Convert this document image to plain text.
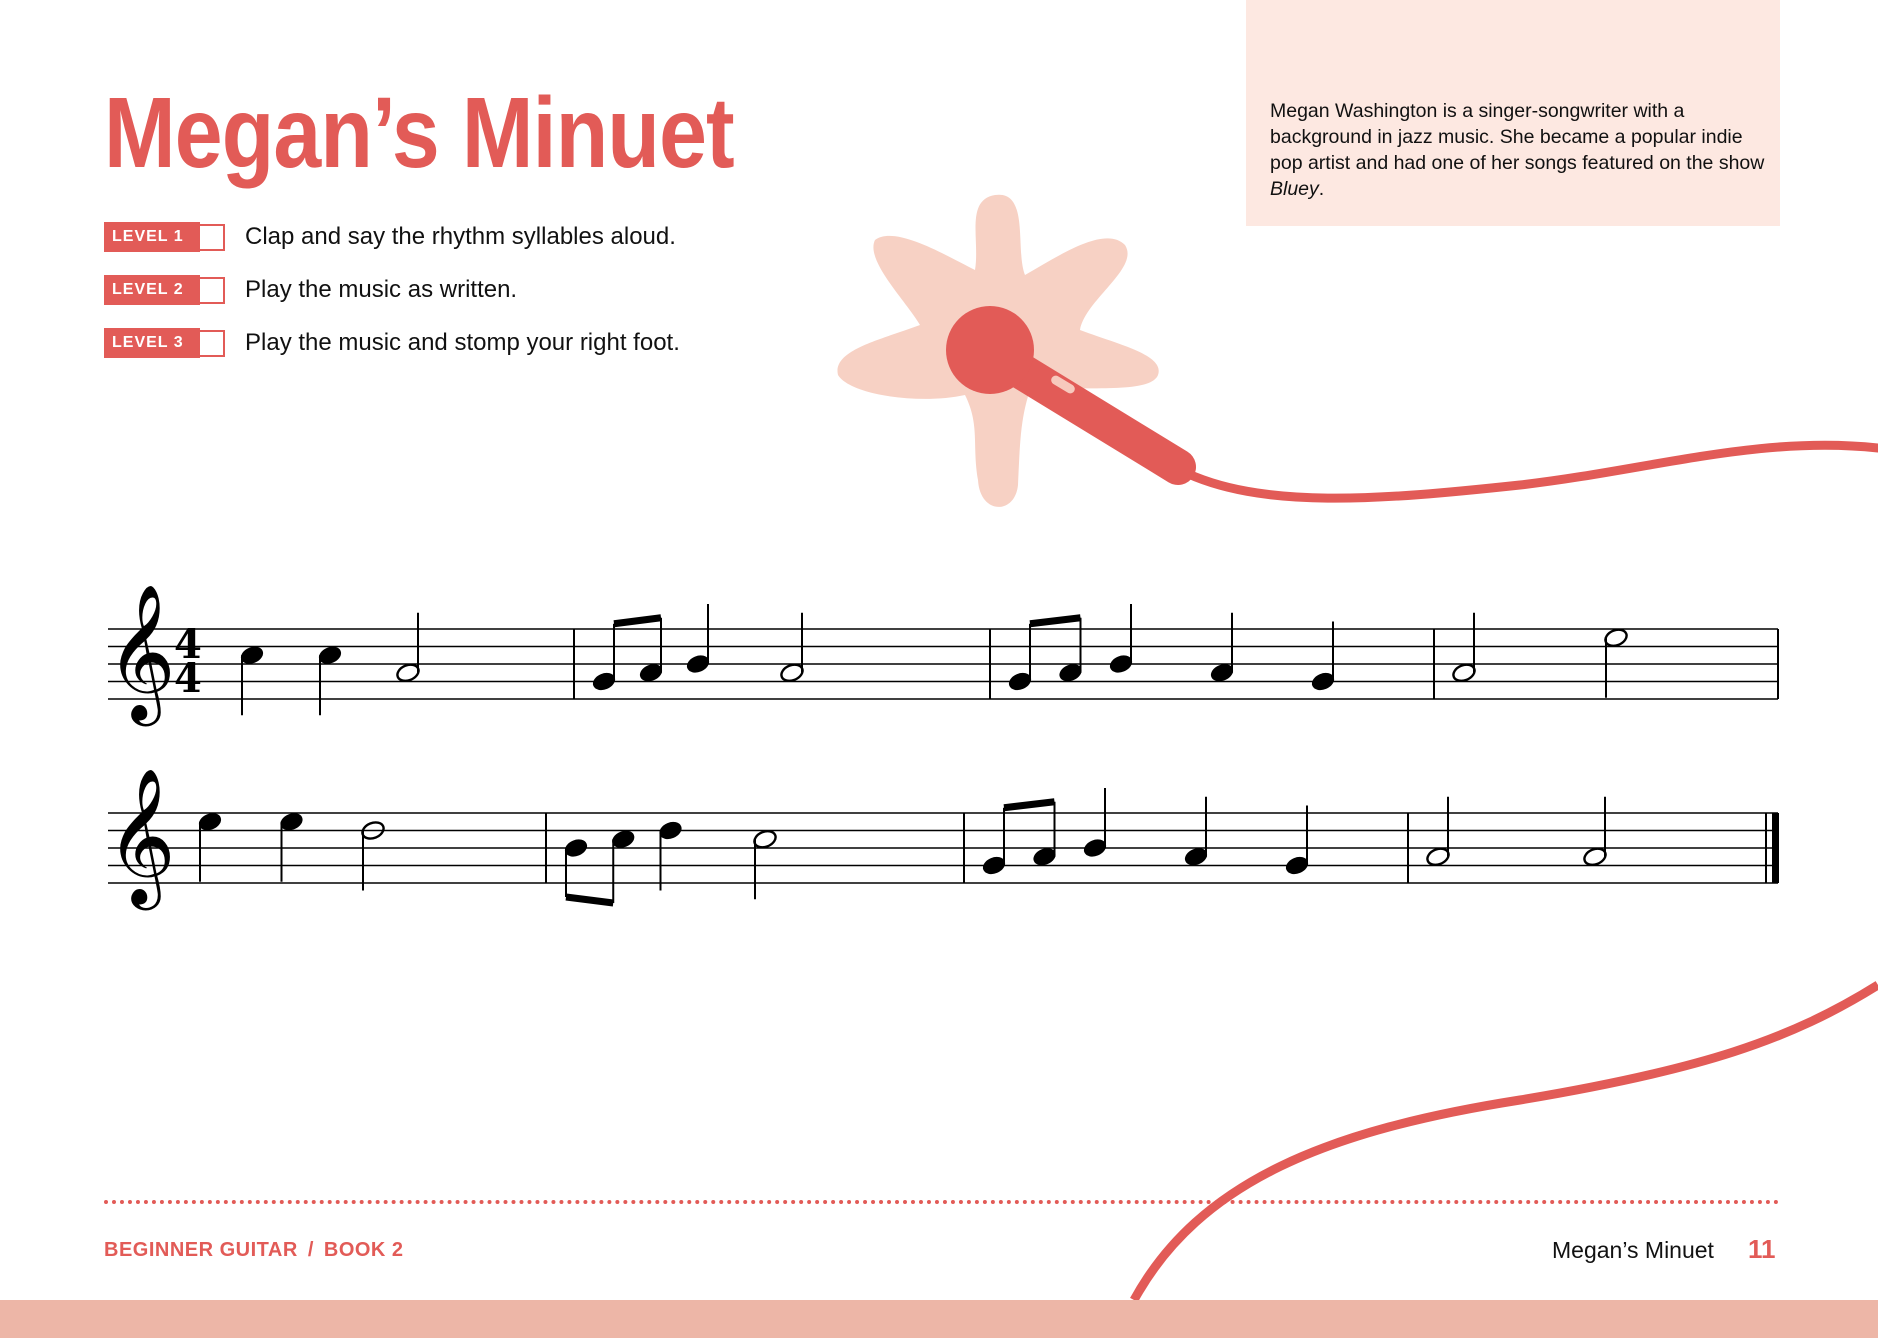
Megan’s Minuet	Megan Washington is a singer-songwriter with a background in jazz music. She became a popular indie pop artist and had one of her songs featured on the show Bluey.
LEVEL 1	Clap and say the rhythm syllables aloud.
LEVEL 2	Play the music as written.
LEVEL 3	Play the music and stomp your right foot.
𝄞
4
4
𝄞
BEGINNER GUITAR / BOOK 2	Megan’s Minuet 11
